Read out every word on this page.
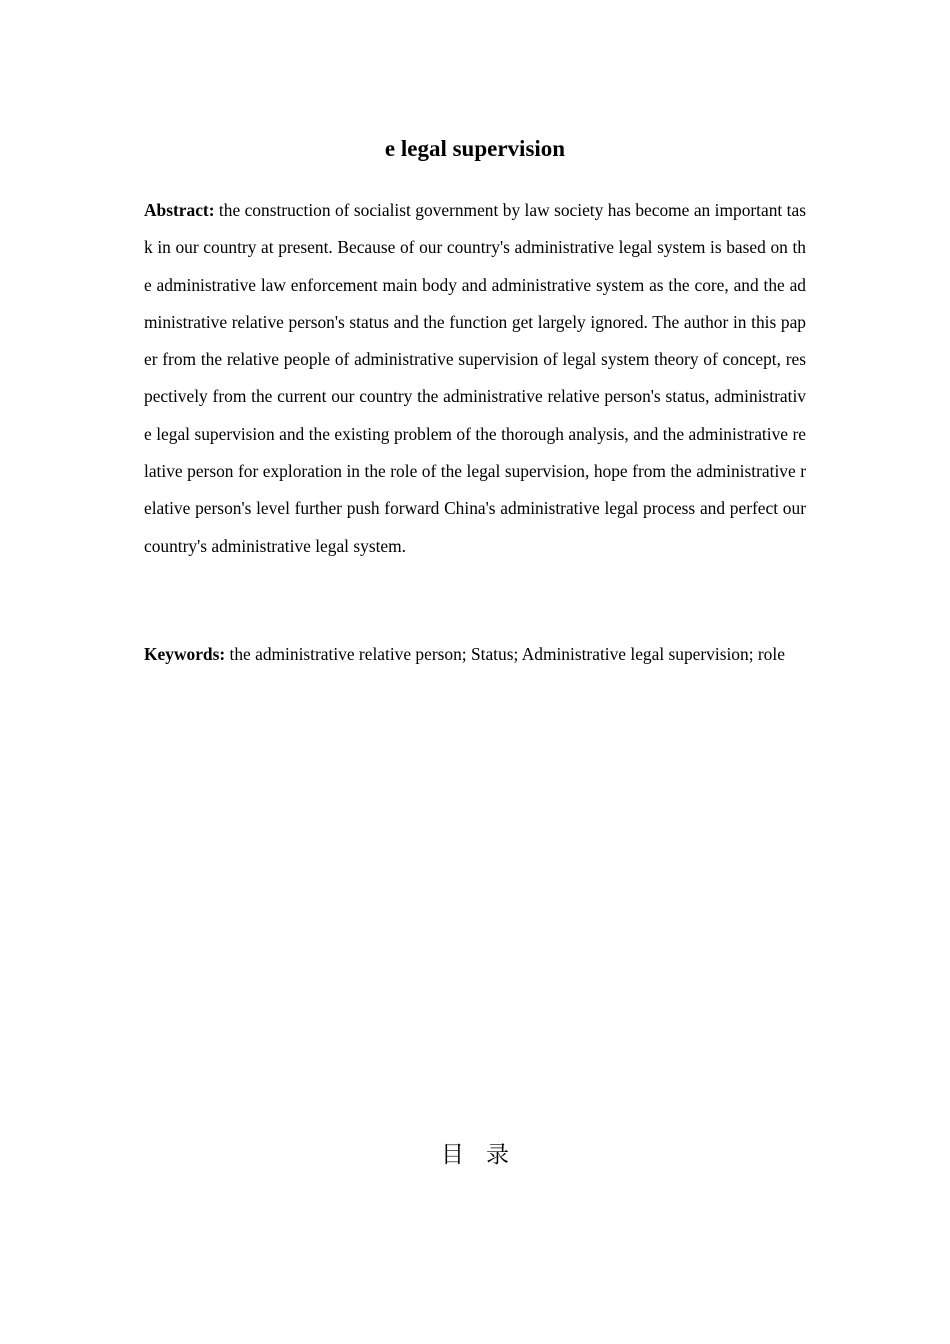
e legal supervision

Abstract: the construction of socialist government by law society has become an important task in our country at present. Because of our country's administrative legal system is based on the administrative law enforcement main body and administrative system as the core, and the administrative relative person's status and the function get largely ignored. The author in this paper from the relative people of administrative supervision of legal system theory of concept, respectively from the current our country the administrative relative person's status, administrative legal supervision and the existing problem of the thorough analysis, and the administrative relative person for exploration in the role of the legal supervision, hope from the administrative relative person's level further push forward China's administrative legal process and perfect our country's administrative legal system.

Keywords: the administrative relative person; Status; Administrative legal supervision; role

目录
